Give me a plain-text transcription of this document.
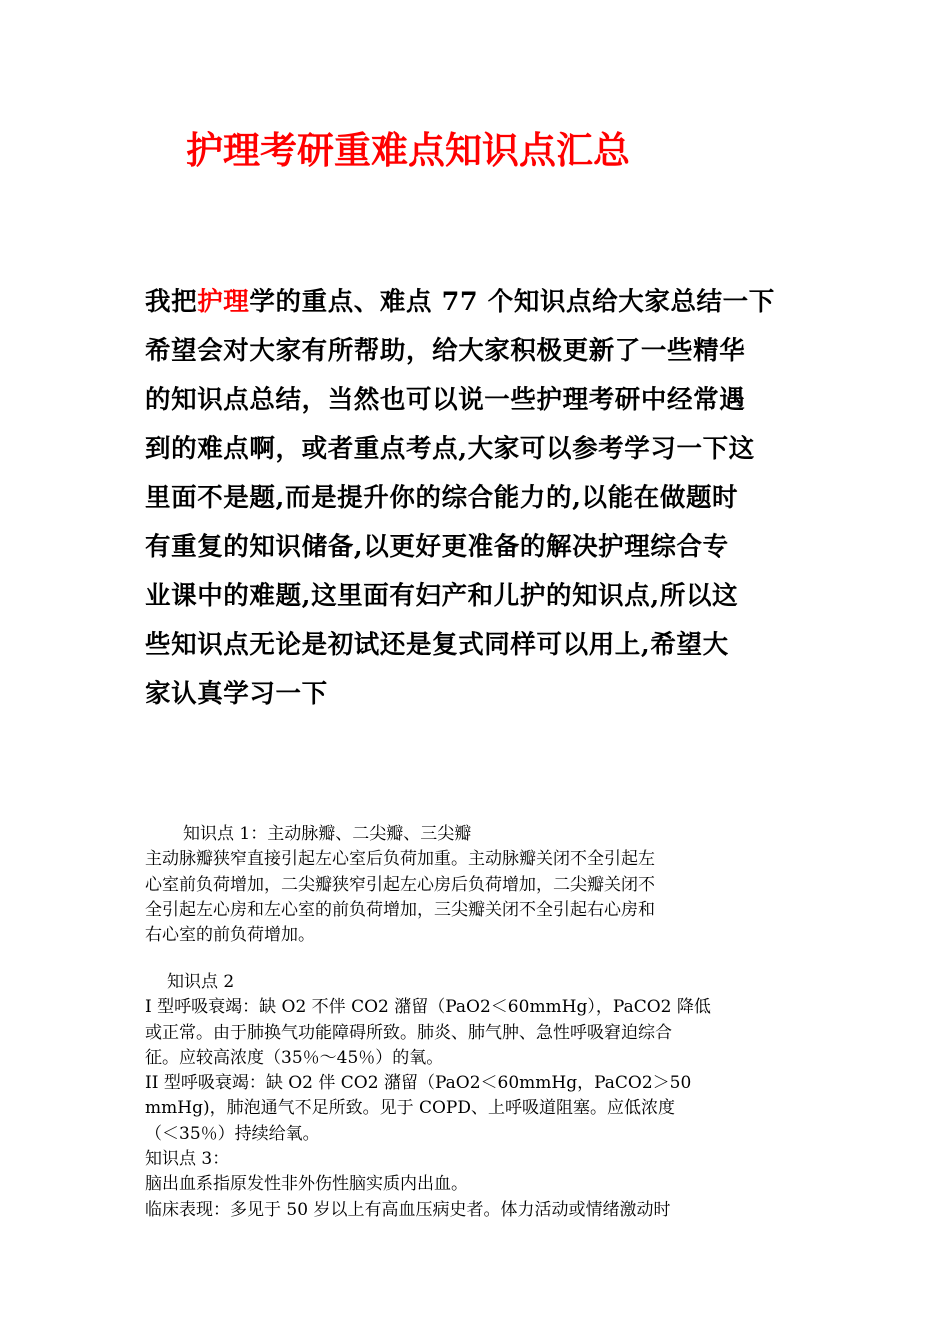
护理考研重难点知识点汇总
我把护理学的重点、难点 77 个知识点给大家总结一下
希望会对大家有所帮助，给大家积极更新了一些精华
的知识点总结，当然也可以说一些护理考研中经常遇
到的难点啊，或者重点考点,大家可以参考学习一下这
里面不是题,而是提升你的综合能力的,以能在做题时
有重复的知识储备,以更好更准备的解决护理综合专
业课中的难题,这里面有妇产和儿护的知识点,所以这
些知识点无论是初试还是复式同样可以用上,希望大
家认真学习一下
知识点 1：主动脉瓣、二尖瓣、三尖瓣
主动脉瓣狭窄直接引起左心室后负荷加重。主动脉瓣关闭不全引起左
心室前负荷增加，二尖瓣狭窄引起左心房后负荷增加，二尖瓣关闭不
全引起左心房和左心室的前负荷增加，三尖瓣关闭不全引起右心房和
右心室的前负荷增加。
知识点 2
I 型呼吸衰竭：缺 O2 不伴 CO2 潴留（PaO2＜60mmHg），PaCO2 降低
或正常。由于肺换气功能障碍所致。肺炎、肺气肿、急性呼吸窘迫综合
征。应较高浓度（35％～45％）的氧。
II 型呼吸衰竭：缺 O2 伴 CO2 潴留（PaO2＜60mmHg，PaCO2＞50
mmHg)，肺泡通气不足所致。见于 COPD、上呼吸道阻塞。应低浓度
（＜35％）持续给氧。
知识点 3：
脑出血系指原发性非外伤性脑实质内出血。
临床表现：多见于 50 岁以上有高血压病史者。体力活动或情绪激动时
